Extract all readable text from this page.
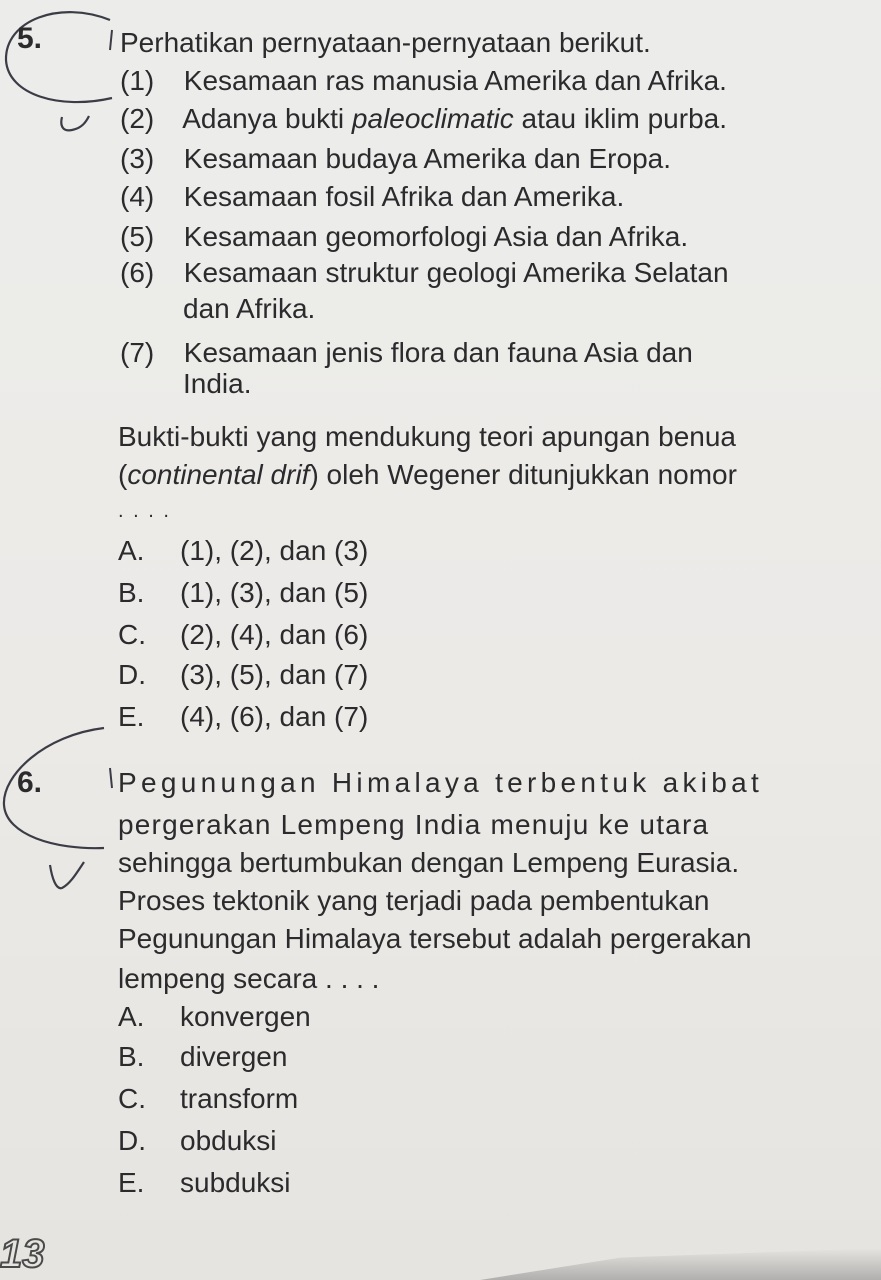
5.	Perhatikan pernyataan-pernyataan berikut.
(1) Kesamaan ras manusia Amerika dan Afrika.
(2) Adanya bukti paleoclimatic atau iklim purba.
(3) Kesamaan budaya Amerika dan Eropa.
(4) Kesamaan fosil Afrika dan Amerika.
(5) Kesamaan geomorfologi Asia dan Afrika.
(6) Kesamaan struktur geologi Amerika Selatan
dan Afrika.
(7) Kesamaan jenis flora dan fauna Asia dan
India.
Bukti-bukti yang mendukung teori apungan benua
(continental drif) oleh Wegener ditunjukkan nomor
. . . .
A. (1), (2), dan (3)
B. (1), (3), dan (5)
C. (2), (4), dan (6)
D. (3), (5), dan (7)
E. (4), (6), dan (7)
6.	Pegunungan Himalaya terbentuk akibat
pergerakan Lempeng India menuju ke utara
sehingga bertumbukan dengan Lempeng Eurasia.
Proses tektonik yang terjadi pada pembentukan
Pegunungan Himalaya tersebut adalah pergerakan
lempeng secara . . . .
A. konvergen
B. divergen
C. transform
D. obduksi
E. subduksi
13
